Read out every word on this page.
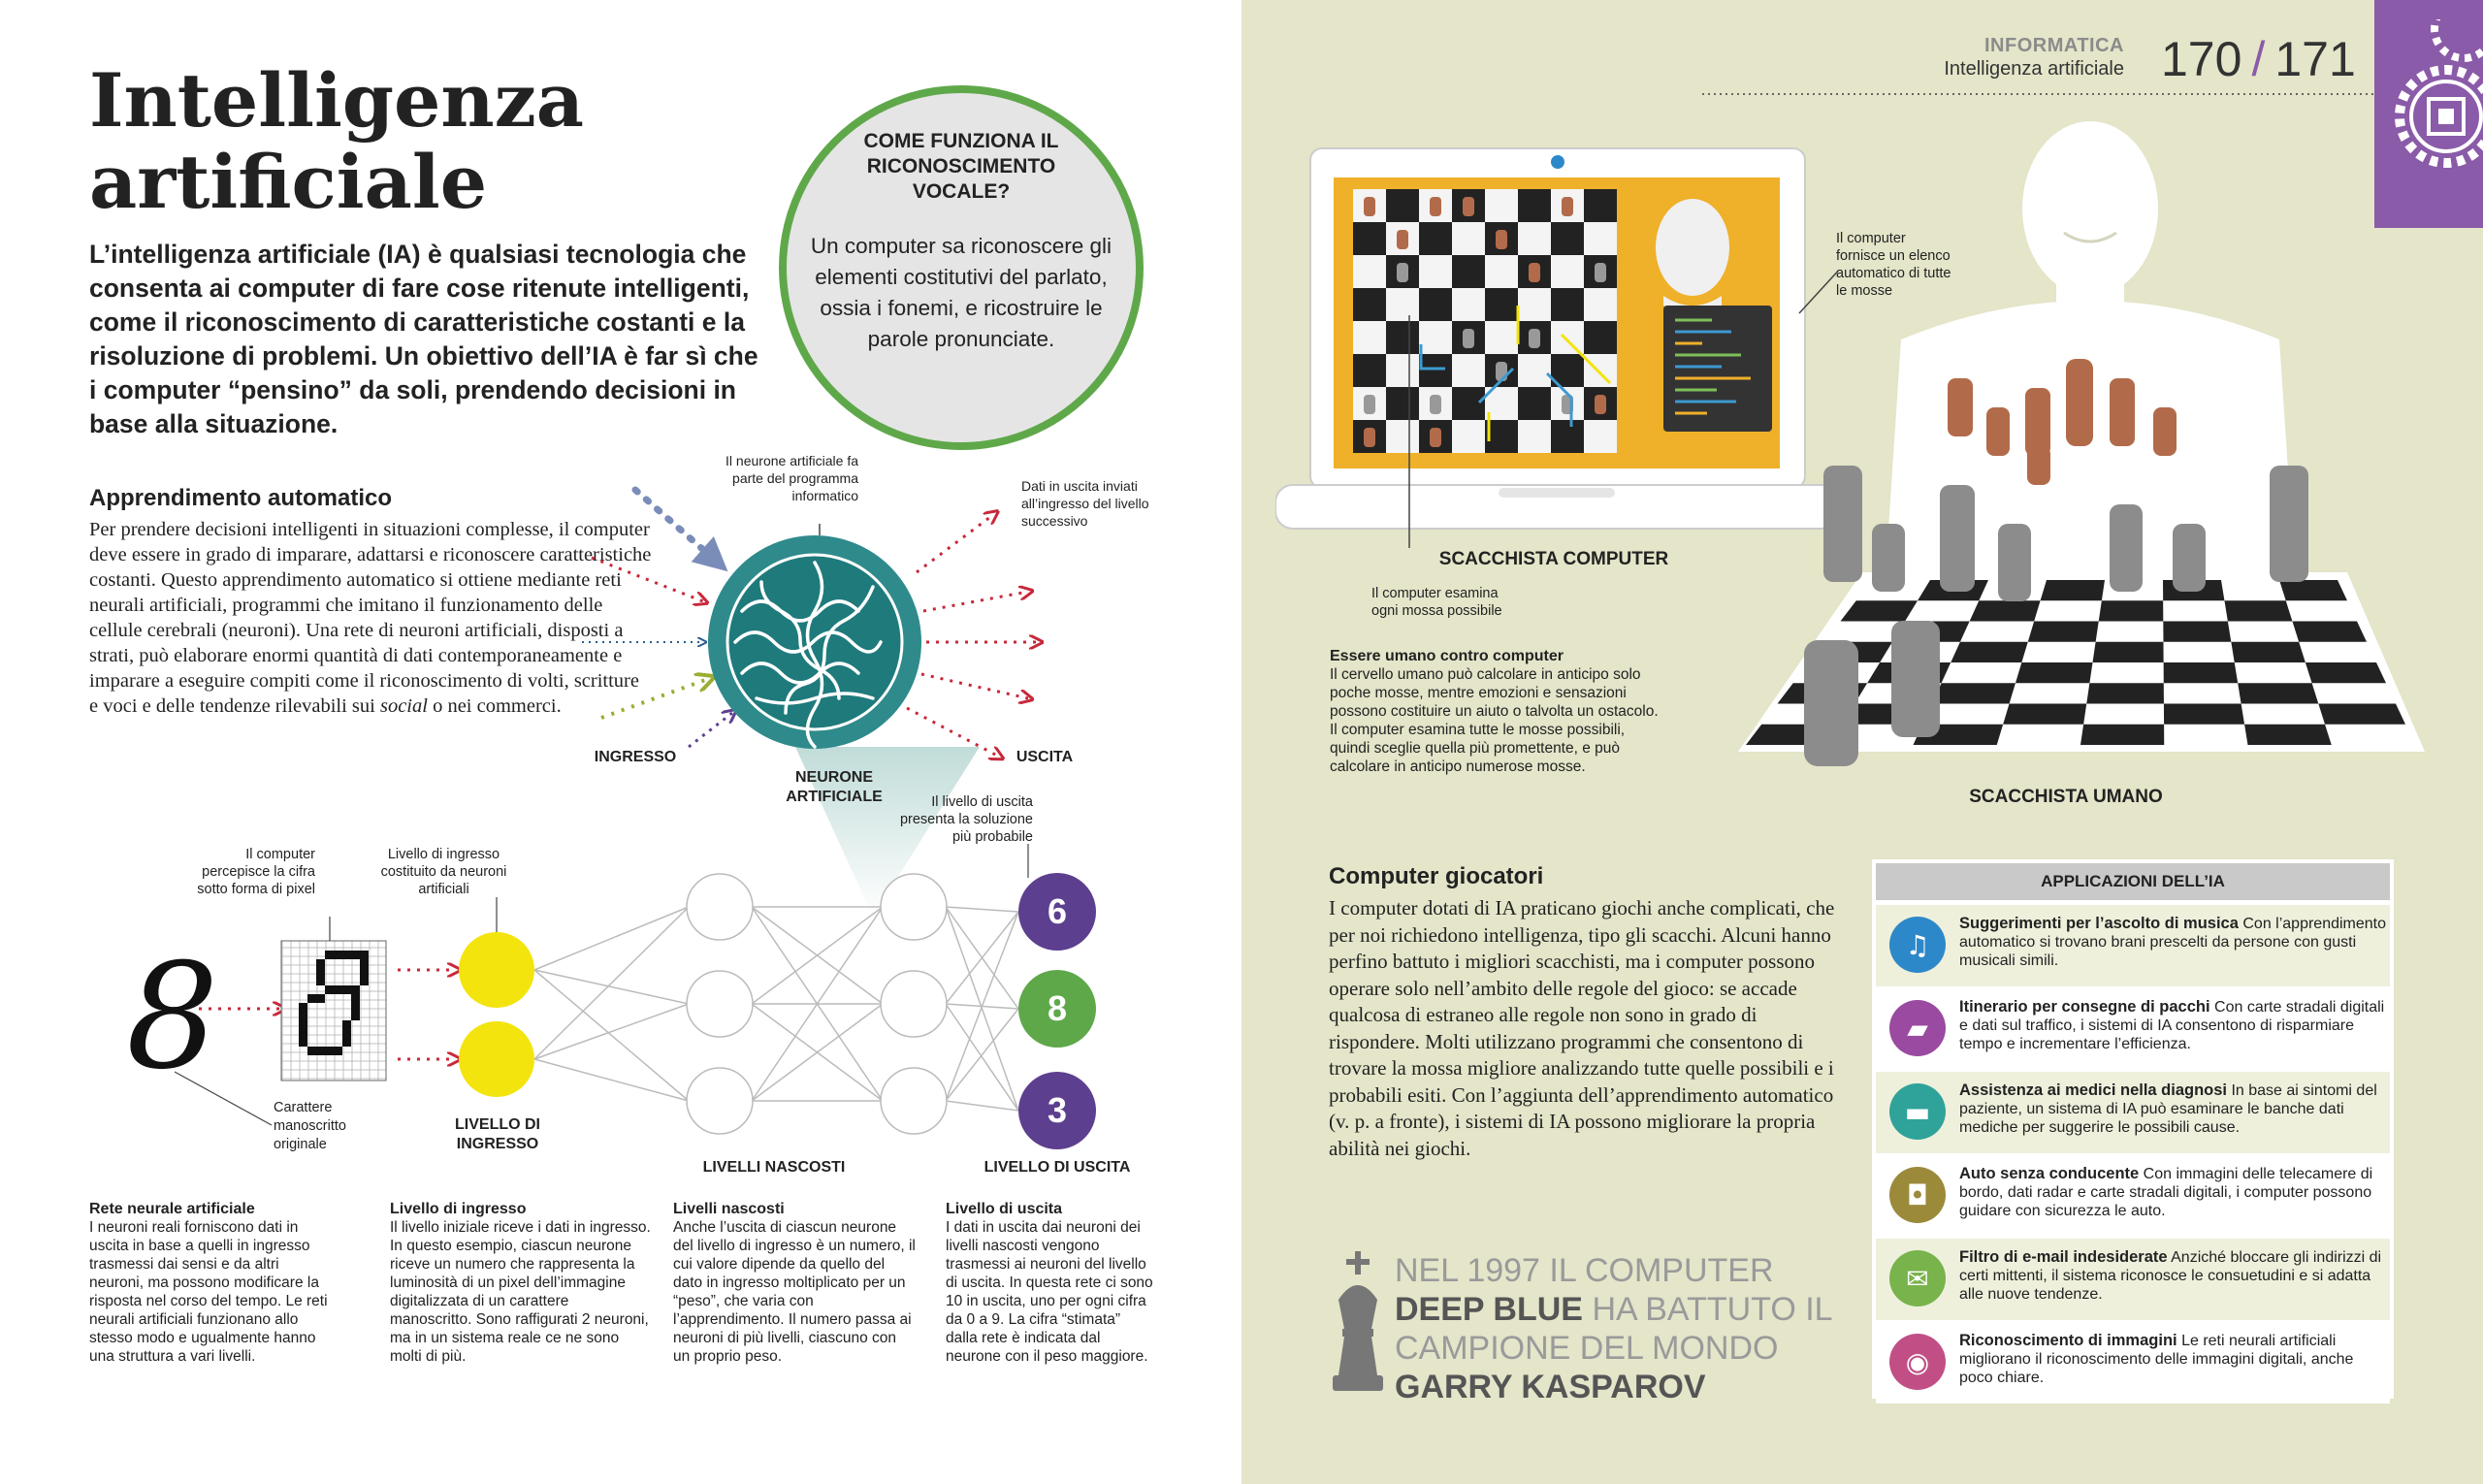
Intelligenza
artificiale
L’intelligenza artificiale (IA) è qualsiasi tecnologia che consenta ai computer di fare cose ritenute intelligenti, come il riconoscimento di caratteristiche costanti e la risoluzione di problemi. Un obiettivo dell’IA è far sì che i computer “pensino” da soli, prendendo decisioni in base alla situazione.
COME FUNZIONA IL RICONOSCIMENTO VOCALE?
Un computer sa riconoscere gli elementi costitutivi del parlato, ossia i fonemi, e ricostruire le parole pronunciate.
Apprendimento automatico
Per prendere decisioni intelligenti in situazioni complesse, il computer deve essere in grado di imparare, adattarsi e riconoscere caratteristiche costanti. Questo apprendimento automatico si ottiene mediante reti neurali artificiali, programmi che imitano il funzionamento delle cellule cerebrali (neuroni). Una rete di neuroni artificiali, disposti a strati, può elaborare enormi quantità di dati contemporaneamente e imparare a eseguire compiti come il riconoscimento di volti, scritture e voci e delle tendenze rilevabili sui social o nei commerci.
Il neurone artificiale fa parte del programma informatico
Dati in uscita inviati all’ingresso del livello successivo
INGRESSO
NEURONE ARTIFICIALE
USCITA
8
6
8
3
Il computer percepisce la cifra sotto forma di pixel
Livello di ingresso costituito da neuroni artificiali
Il livello di uscita presenta la soluzione più probabile
Carattere manoscritto originale
LIVELLO DI INGRESSO
LIVELLI NASCOSTI	LIVELLO DI USCITA
Rete neurale artificiale
I neuroni reali forniscono dati in uscita in base a quelli in ingresso trasmessi dai sensi e da altri neuroni, ma possono modificare la risposta nel corso del tempo. Le reti neurali artificiali funzionano allo stesso modo e ugualmente hanno una struttura a vari livelli.
Livello di ingresso
Il livello iniziale riceve i dati in ingresso. In questo esempio, ciascun neurone riceve un numero che rappresenta la luminosità di un pixel dell’immagine digitalizzata di un carattere manoscritto. Sono raffigurati 2 neuroni, ma in un sistema reale ce ne sono molti di più.
Livelli nascosti
Anche l’uscita di ciascun neurone del livello di ingresso è un numero, il cui valore dipende da quello del dato in ingresso moltiplicato per un “peso”, che varia con l’apprendimento. Il numero passa ai neuroni di più livelli, ciascuno con un proprio peso.
Livello di uscita
I dati in uscita dai neuroni dei livelli nascosti vengono trasmessi ai neuroni del livello di uscita. In questa rete ci sono 10 in uscita, uno per ogni cifra da 0 a 9. La cifra “stimata” dalla rete è indicata dal neurone con il peso maggiore.
INFORMATICA
Intelligenza artificiale 170 / 171
Il computer fornisce un elenco automatico di tutte le mosse
SCACCHISTA COMPUTER
Il computer esamina ogni mossa possibile
SCACCHISTA UMANO
Essere umano contro computer
Il cervello umano può calcolare in anticipo solo poche mosse, mentre emozioni e sensazioni possono costituire un aiuto o talvolta un ostacolo. Il computer esamina tutte le mosse possibili, quindi sceglie quella più promettente, e può calcolare in anticipo numerose mosse.
Computer giocatori
I computer dotati di IA praticano giochi anche complicati, che per noi richiedono intelligenza, tipo gli scacchi. Alcuni hanno perfino battuto i migliori scacchisti, ma i computer possono operare solo nell’ambito delle regole del gioco: se accade qualcosa di estraneo alle regole non sono in grado di rispondere. Molti utilizzano programmi che consentono di trovare la mossa migliore analizzando tutte quelle possibili e i probabili esiti. Con l’aggiunta dell’apprendimento automatico (v. p. a fronte), i sistemi di IA possono migliorare la propria abilità nei giochi.
NEL 1997 IL COMPUTER
DEEP BLUE HA BATTUTO IL CAMPIONE DEL MONDO
GARRY KASPAROV
APPLICAZIONI DELL’IA
♫
Suggerimenti per l’ascolto di musica Con l’apprendimento automatico si trovano brani prescelti da persone con gusti musicali simili.
▰
Itinerario per consegne di pacchi Con carte stradali digitali e dati sul traffico, i sistemi di IA consentono di risparmiare tempo e incrementare l’efficienza.
▬
Assistenza ai medici nella diagnosi In base ai sintomi del paziente, un sistema di IA può esaminare le banche dati mediche per suggerire le possibili cause.
◘
Auto senza conducente Con immagini delle telecamere di bordo, dati radar e carte stradali digitali, i computer possono guidare con sicurezza le auto.
✉
Filtro di e-mail indesiderate Anziché bloccare gli indirizzi di certi mittenti, il sistema riconosce le consuetudini e si adatta alle nuove tendenze.
◉
Riconoscimento di immagini Le reti neurali artificiali migliorano il riconoscimento delle immagini digitali, anche poco chiare.
